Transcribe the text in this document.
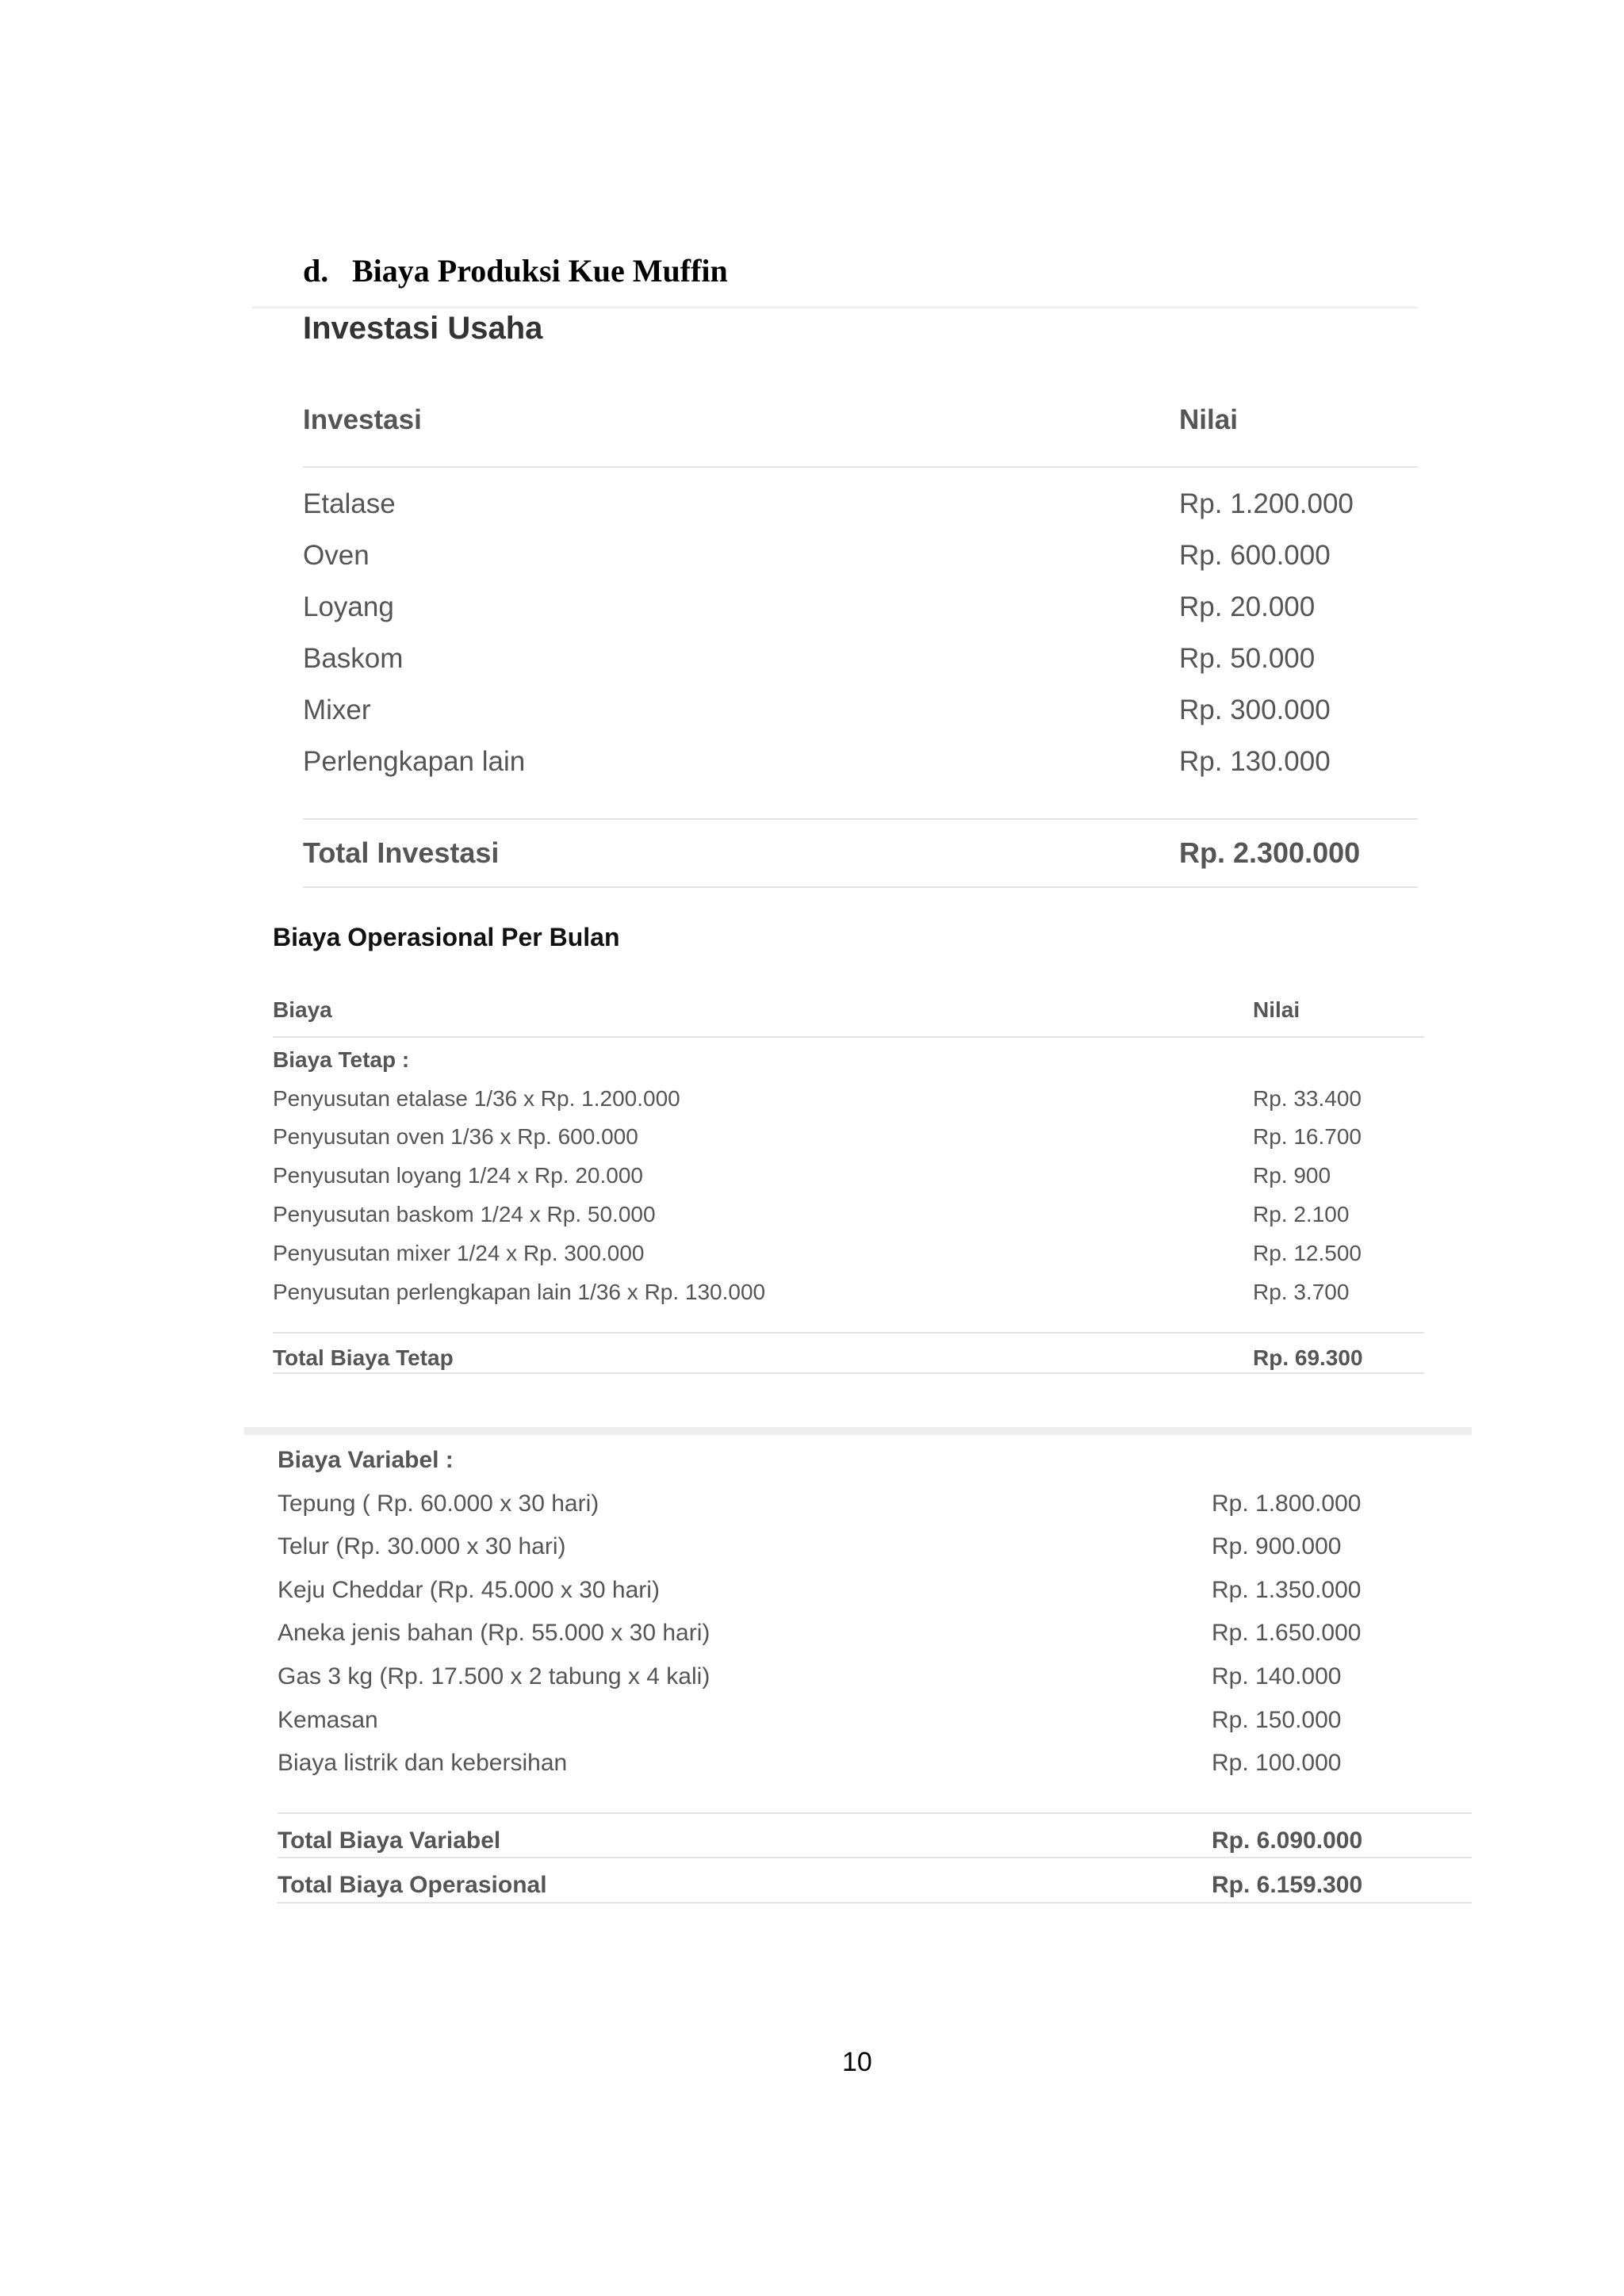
d. Biaya Produksi Kue Muffin
Investasi Usaha
Investasi	Nilai
Etalase	Rp. 1.200.000
Oven	Rp. 600.000
Loyang	Rp. 20.000
Baskom	Rp. 50.000
Mixer	Rp. 300.000
Perlengkapan lain	Rp. 130.000
Total Investasi	Rp. 2.300.000
Biaya Operasional Per Bulan
Biaya	Nilai
Biaya Tetap :
Penyusutan etalase 1/36 x Rp. 1.200.000	Rp. 33.400
Penyusutan oven 1/36 x Rp. 600.000	Rp. 16.700
Penyusutan loyang 1/24 x Rp. 20.000	Rp. 900
Penyusutan baskom 1/24 x Rp. 50.000	Rp. 2.100
Penyusutan mixer 1/24 x Rp. 300.000	Rp. 12.500
Penyusutan perlengkapan lain 1/36 x Rp. 130.000	Rp. 3.700
Total Biaya Tetap	Rp. 69.300
Biaya Variabel :
Tepung ( Rp. 60.000 x 30 hari)	Rp. 1.800.000
Telur (Rp. 30.000 x 30 hari)	Rp. 900.000
Keju Cheddar (Rp. 45.000 x 30 hari)	Rp. 1.350.000
Aneka jenis bahan (Rp. 55.000 x 30 hari)	Rp. 1.650.000
Gas 3 kg (Rp. 17.500 x 2 tabung x 4 kali)	Rp. 140.000
Kemasan	Rp. 150.000
Biaya listrik dan kebersihan	Rp. 100.000
Total Biaya Variabel	Rp. 6.090.000
Total Biaya Operasional	Rp. 6.159.300
10
